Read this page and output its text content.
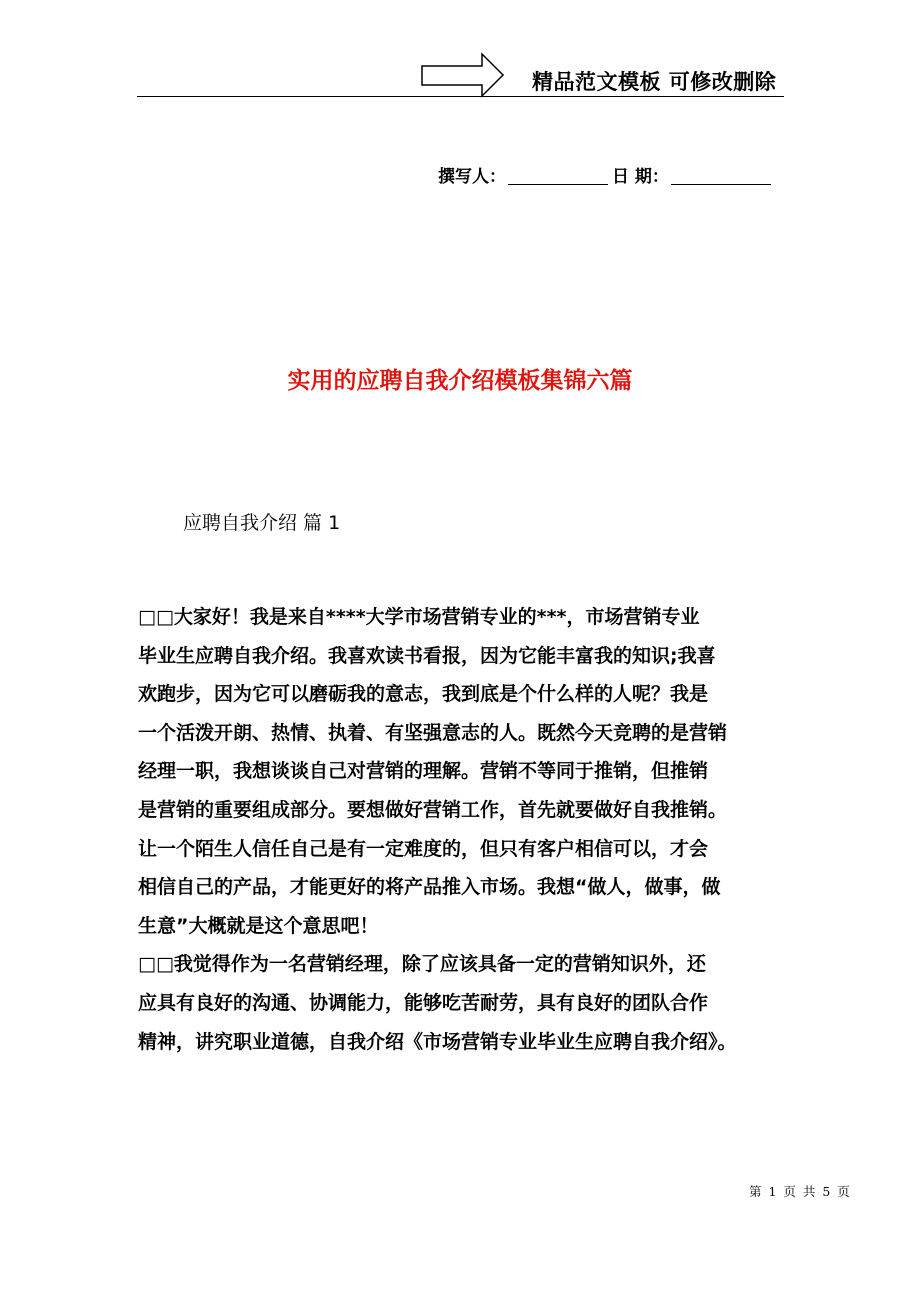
精品范文模板 可修改删除
撰写人：	日 期：
实用的应聘自我介绍模板集锦六篇
应聘自我介绍 篇 1
□□大家好！我是来自****大学市场营销专业的***，市场营销专业
毕业生应聘自我介绍。我喜欢读书看报，因为它能丰富我的知识;我喜
欢跑步，因为它可以磨砺我的意志，我到底是个什么样的人呢？我是
一个活泼开朗、热情、执着、有坚强意志的人。既然今天竞聘的是营销
经理一职，我想谈谈自己对营销的理解。营销不等同于推销，但推销
是营销的重要组成部分。要想做好营销工作，首先就要做好自我推销。
让一个陌生人信任自己是有一定难度的，但只有客户相信可以，才会
相信自己的产品，才能更好的将产品推入市场。我想“做人，做事，做
生意”大概就是这个意思吧！
□□我觉得作为一名营销经理，除了应该具备一定的营销知识外，还
应具有良好的沟通、协调能力，能够吃苦耐劳，具有良好的团队合作
精神，讲究职业道德，自我介绍《市场营销专业毕业生应聘自我介绍》。
第 1 页 共 5 页
